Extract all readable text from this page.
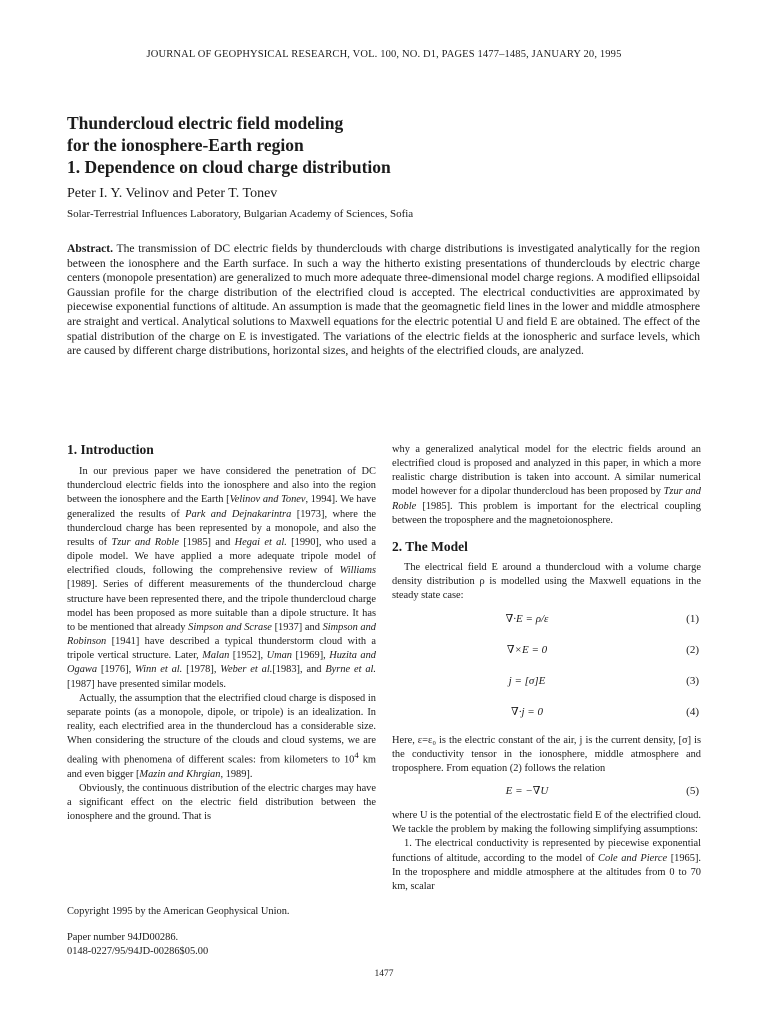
JOURNAL OF GEOPHYSICAL RESEARCH, VOL. 100, NO. D1, PAGES 1477–1485, JANUARY 20, 1995

Thundercloud electric field modeling

for the ionosphere-Earth region

1. Dependence on cloud charge distribution

Peter I. Y. Velinov and Peter T. Tonev
Solar-Terrestrial Influences Laboratory, Bulgarian Academy of Sciences, Sofia
Abstract. The transmission of DC electric fields by thunderclouds with charge distributions is investigated analytically for the region between the ionosphere and the Earth surface. In such a way the hitherto existing presentations of thunderclouds by electric charge centers (monopole presentation) are generalized to much more adequate three-dimensional model charge regions. A modified ellipsoidal Gaussian profile for the charge distribution of the electrified cloud is accepted. The electrical conductivities are approximated by piecewise exponential functions of altitude. An assumption is made that the geomagnetic field lines in the lower and middle atmosphere are straight and vertical. Analytical solutions to Maxwell equations for the electric potential U and field E are obtained. The effect of the spatial distribution of the charge on E is investigated. The variations of the electric fields at the ionospheric and surface levels, which are caused by different charge distributions, horizontal sizes, and heights of the electrified clouds, are analyzed.
1. Introduction

In our previous paper we have considered the penetration of DC thundercloud electric fields into the ionosphere and also into the region between the ionosphere and the Earth [Velinov and Tonev, 1994]. We have generalized the results of Park and Dejnakarintra [1973], where the thundercloud charge has been represented by a monopole, and also the results of Tzur and Roble [1985] and Hegai et al. [1990], who used a dipole model. We have applied a more adequate tripole model of electrified clouds, following the comprehensive review of Williams [1989]. Series of different measurements of the thundercloud charge structure have been represented there, and the tripole thundercloud charge model has been proposed as more suitable than a dipole structure. It has to be mentioned that already Simpson and Scrase [1937] and Simpson and Robinson [1941] have described a typical thunderstorm cloud with a tripole vertical structure. Later, Malan [1952], Uman [1969], Huzita and Ogawa [1976], Winn et al. [1978], Weber et al.[1983], and Byrne et al.[1987] have presented similar models.

Actually, the assumption that the electrified cloud charge is disposed in separate points (as a monopole, dipole, or tripole) is an idealization. In reality, each electrified area in the thundercloud has a considerable size. When considering the structure of the clouds and cloud systems, we are dealing with phenomena of different scales: from kilometers to $10^4$ km and even bigger [Mazin and Khrgian, 1989].

Obviously, the continuous distribution of the electric charges may have a significant effect on the electric field distribution between the ionosphere and the ground. That is

Copyright 1995 by the American Geophysical Union.
Paper number 94JD00286.
0148-0227/95/94JD-00286$05.00

why a generalized analytical model for the electric fields around an electrified cloud is proposed and analyzed in this paper, in which a more realistic charge distribution is taken into account. A similar numerical model however for a dipolar thundercloud has been proposed by Tzur and Roble [1985]. This problem is important for the electrical coupling between the troposphere and the magnetoionosphere.

2. The Model

The electrical field E around a thundercloud with a volume charge density distribution ρ is modelled using the Maxwell equations in the steady state case:

∇·E = ρ/ε	(1)
∇×E = 0	(2)
j = [σ]E	(3)
∇·j = 0	(4)

Here, ε=ε₀ is the electric constant of the air, j is the current density, [σ] is the conductivity tensor in the ionosphere, middle atmosphere and troposphere. From equation (2) follows the relation

E = −∇U	(5)

where U is the potential of the electrostatic field E of the electrified cloud. We tackle the problem by making the following simplifying assumptions:

1. The electrical conductivity is represented by piecewise exponential functions of altitude, according to the model of Cole and Pierce [1965]. In the troposphere and middle atmosphere at the altitudes from 0 to 70 km, scalar

1477
